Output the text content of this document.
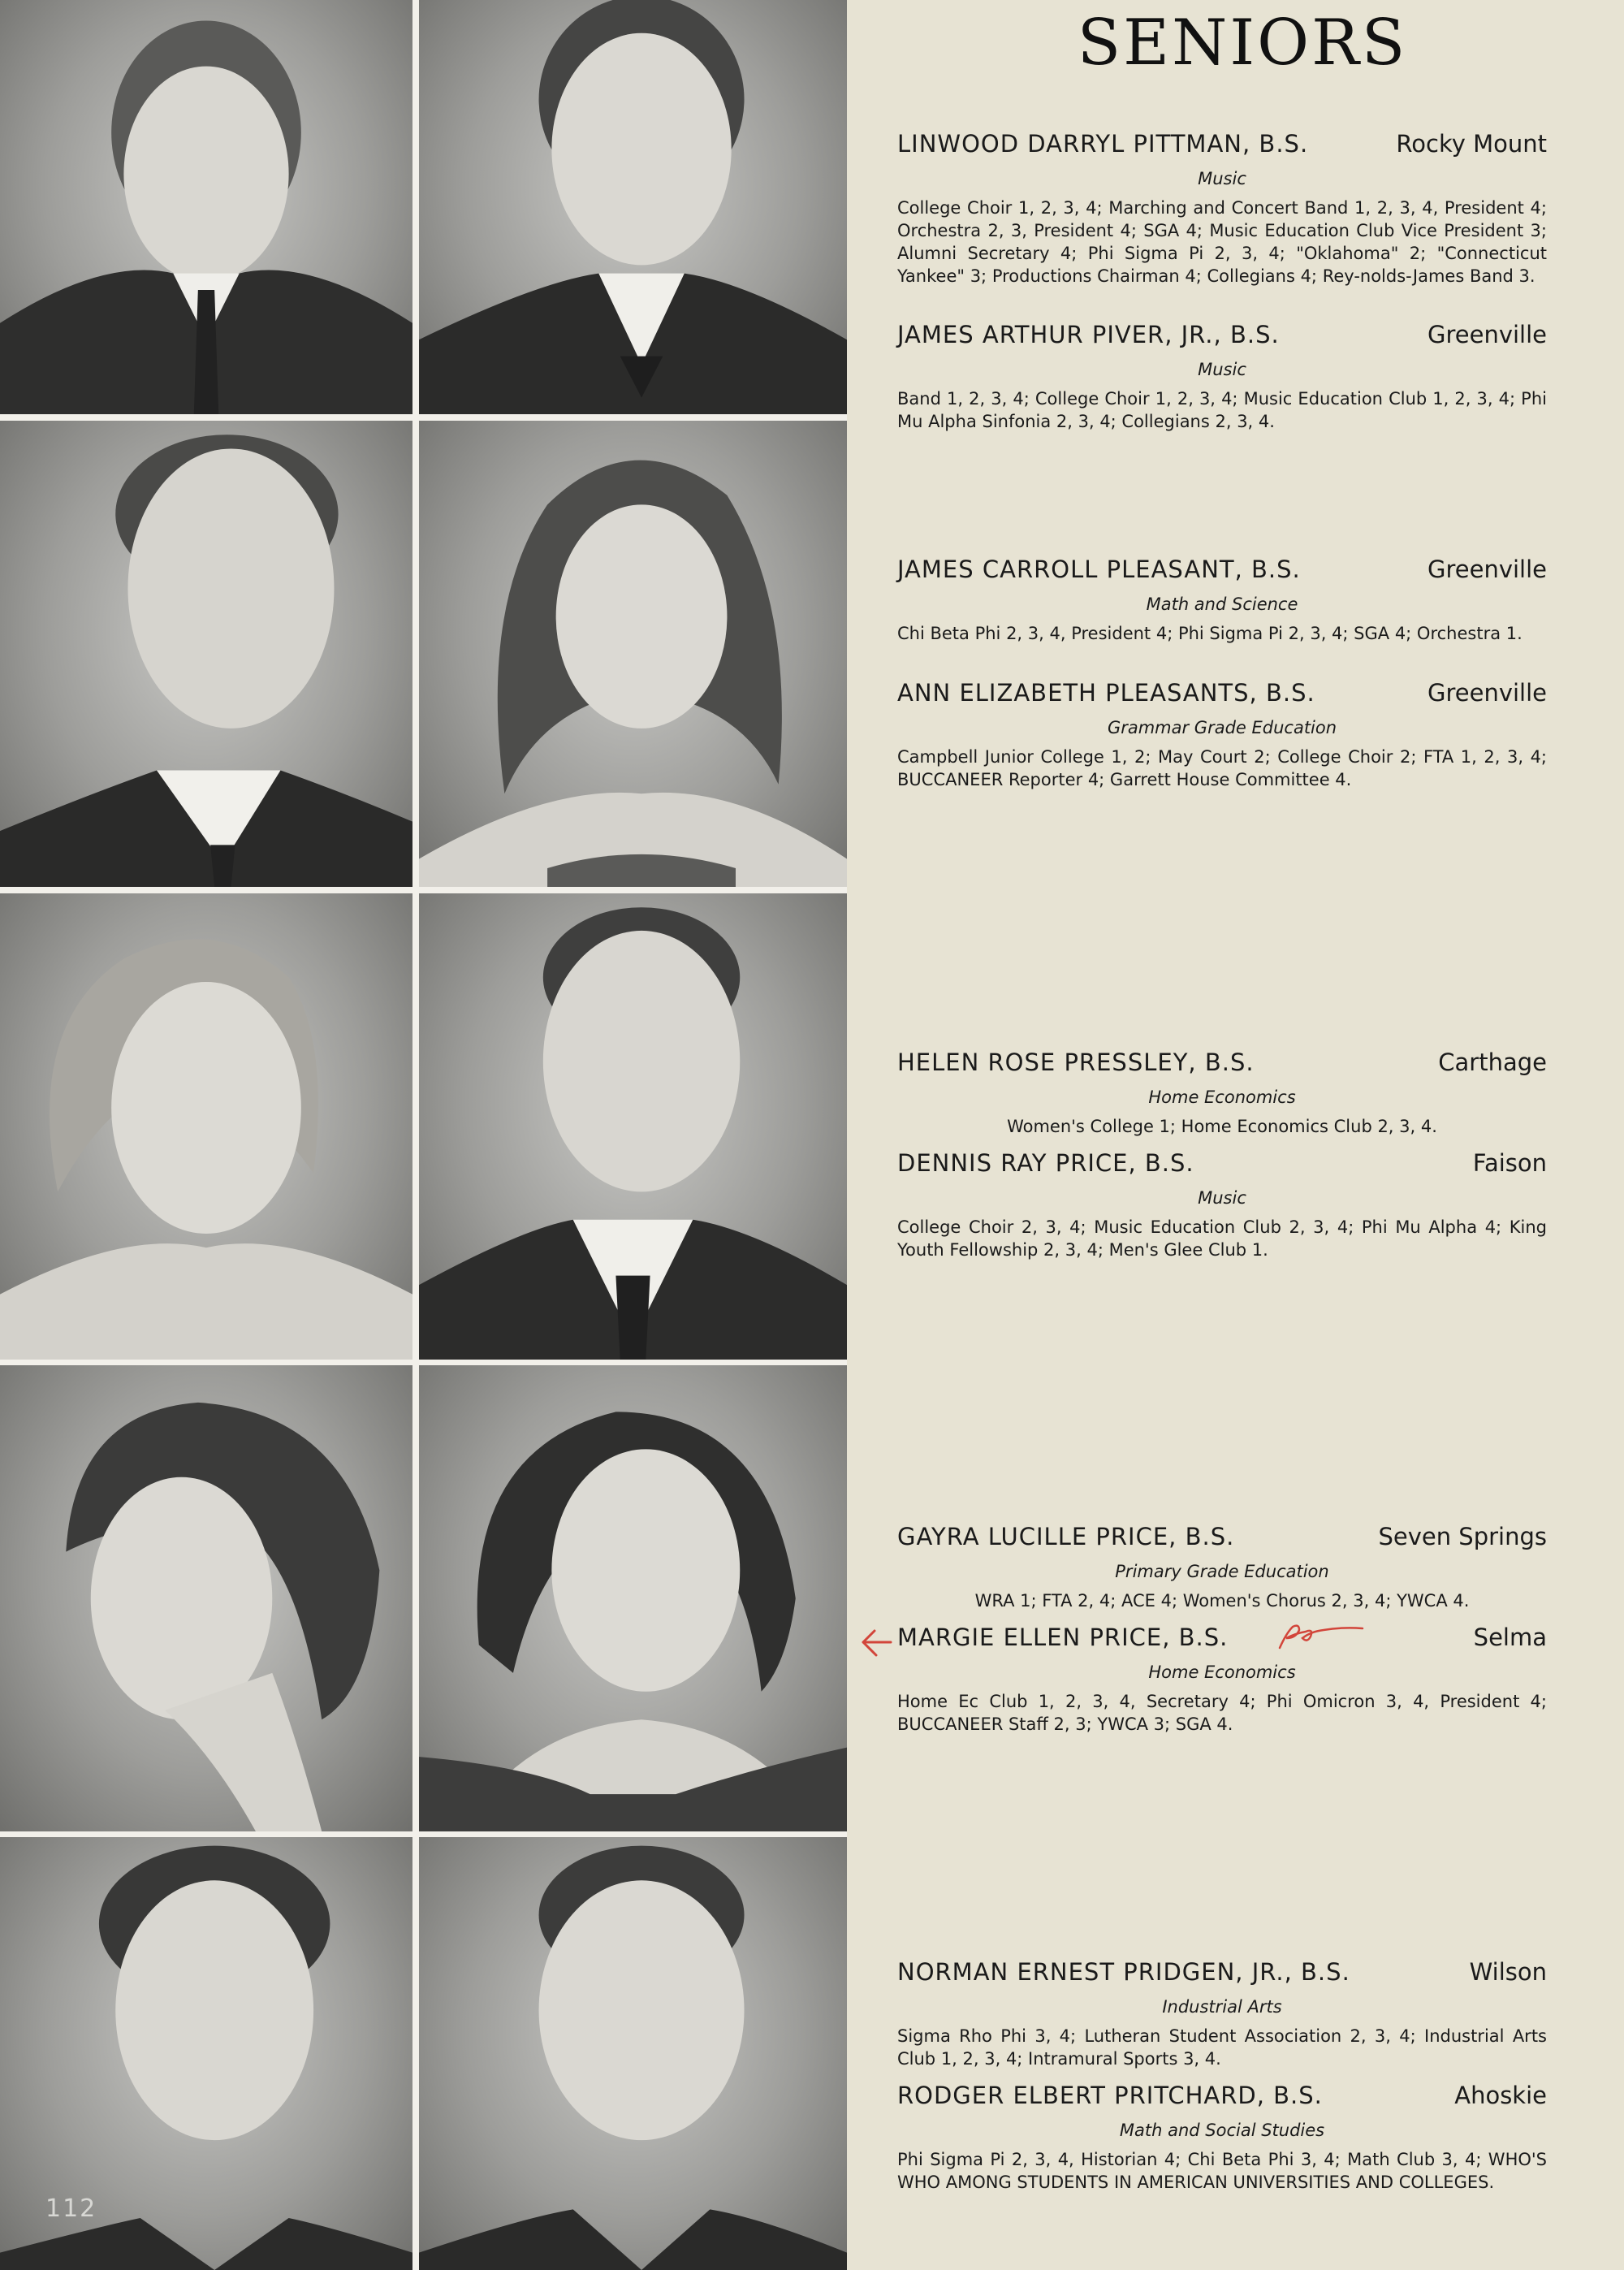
112
SENIORS
LINWOOD DARRYL PITTMAN, B.S.	Rocky Mount
Music
College Choir 1, 2, 3, 4; Marching and Concert Band 1, 2, 3, 4, President 4; Orchestra 2, 3, President 4; SGA 4; Music Education Club Vice President 3; Alumni Secretary 4; Phi Sigma Pi 2, 3, 4; "Oklahoma" 2; "Connecticut Yankee" 3; Productions Chairman 4; Collegians 4; Rey-nolds-James Band 3.
JAMES ARTHUR PIVER, JR., B.S.	Greenville
Music
Band 1, 2, 3, 4; College Choir 1, 2, 3, 4; Music Education Club 1, 2, 3, 4; Phi Mu Alpha Sinfonia 2, 3, 4; Collegians 2, 3, 4.
JAMES CARROLL PLEASANT, B.S.	Greenville
Math and Science
Chi Beta Phi 2, 3, 4, President 4; Phi Sigma Pi 2, 3, 4; SGA 4; Orchestra 1.
ANN ELIZABETH PLEASANTS, B.S.	Greenville
Grammar Grade Education
Campbell Junior College 1, 2; May Court 2; College Choir 2; FTA 1, 2, 3, 4; BUCCANEER Reporter 4; Garrett House Committee 4.
HELEN ROSE PRESSLEY, B.S.	Carthage
Home Economics
Women's College 1; Home Economics Club 2, 3, 4.
DENNIS RAY PRICE, B.S.	Faison
Music
College Choir 2, 3, 4; Music Education Club 2, 3, 4; Phi Mu Alpha 4; King Youth Fellowship 2, 3, 4; Men's Glee Club 1.
GAYRA LUCILLE PRICE, B.S.	Seven Springs
Primary Grade Education
WRA 1; FTA 2, 4; ACE 4; Women's Chorus 2, 3, 4; YWCA 4.
MARGIE ELLEN PRICE, B.S.	Selma
Home Economics
Home Ec Club 1, 2, 3, 4, Secretary 4; Phi Omicron 3, 4, President 4; BUCCANEER Staff 2, 3; YWCA 3; SGA 4.
NORMAN ERNEST PRIDGEN, JR., B.S.	Wilson
Industrial Arts
Sigma Rho Phi 3, 4; Lutheran Student Association 2, 3, 4; Industrial Arts Club 1, 2, 3, 4; Intramural Sports 3, 4.
RODGER ELBERT PRITCHARD, B.S.	Ahoskie
Math and Social Studies
Phi Sigma Pi 2, 3, 4, Historian 4; Chi Beta Phi 3, 4; Math Club 3, 4; WHO'S WHO AMONG STUDENTS IN AMERICAN UNIVERSITIES AND COLLEGES.
